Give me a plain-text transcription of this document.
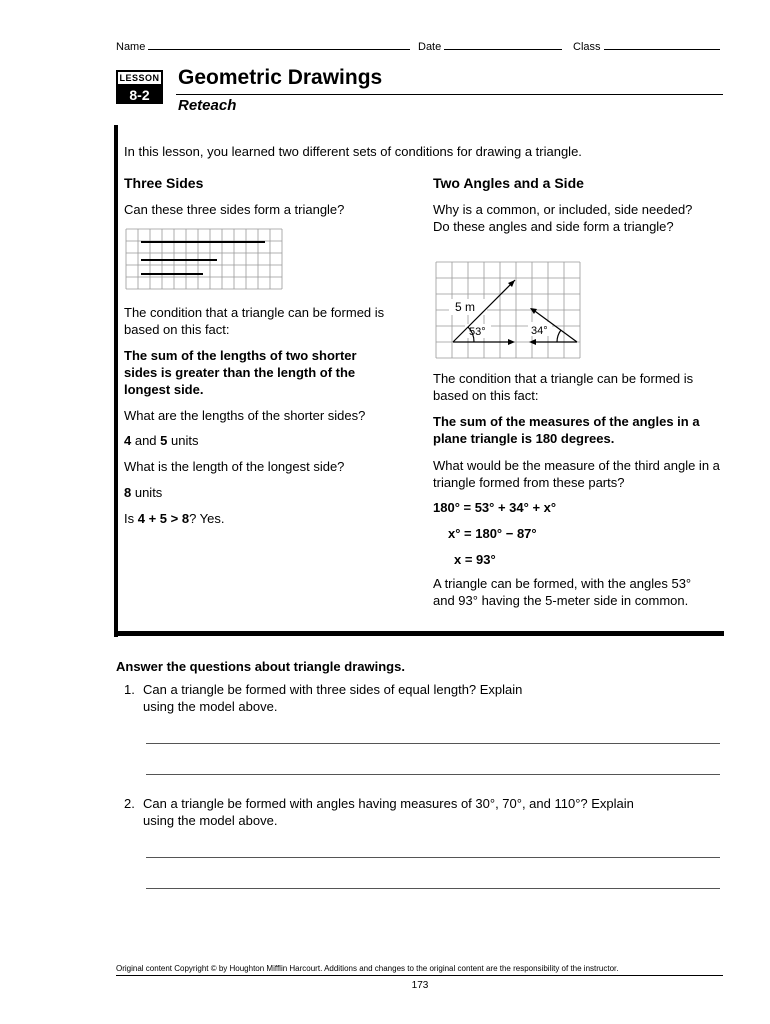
Name	Date	Class
LESSON
8-2
Geometric Drawings
Reteach
In this lesson, you learned two different sets of conditions for drawing a triangle.
Three Sides
Can these three sides form a triangle?
The condition that a triangle can be formed is based on this fact:
The sum of the lengths of two shorter sides is greater than the length of the longest side.
What are the lengths of the shorter sides?
4 and 5 units
What is the length of the longest side?
8 units
Is 4 + 5 > 8? Yes.
Two Angles and a Side
Why is a common, or included, side needed? Do these angles and side form a triangle?
5 m
53°	34°
The condition that a triangle can be formed is based on this fact:
The sum of the measures of the angles in a plane triangle is 180 degrees.
What would be the measure of the third angle in a triangle formed from these parts?
180° = 53° + 34° + x°
x° = 180° − 87°
x = 93°
A triangle can be formed, with the angles 53° and 93° having the 5-meter side in common.
Answer the questions about triangle drawings.
1. Can a triangle be formed with three sides of equal length? Explain
using the model above.
2. Can a triangle be formed with angles having measures of 30°, 70°, and 110°? Explain
using the model above.
Original content Copyright © by Houghton Mifflin Harcourt. Additions and changes to the original content are the responsibility of the instructor.
173
